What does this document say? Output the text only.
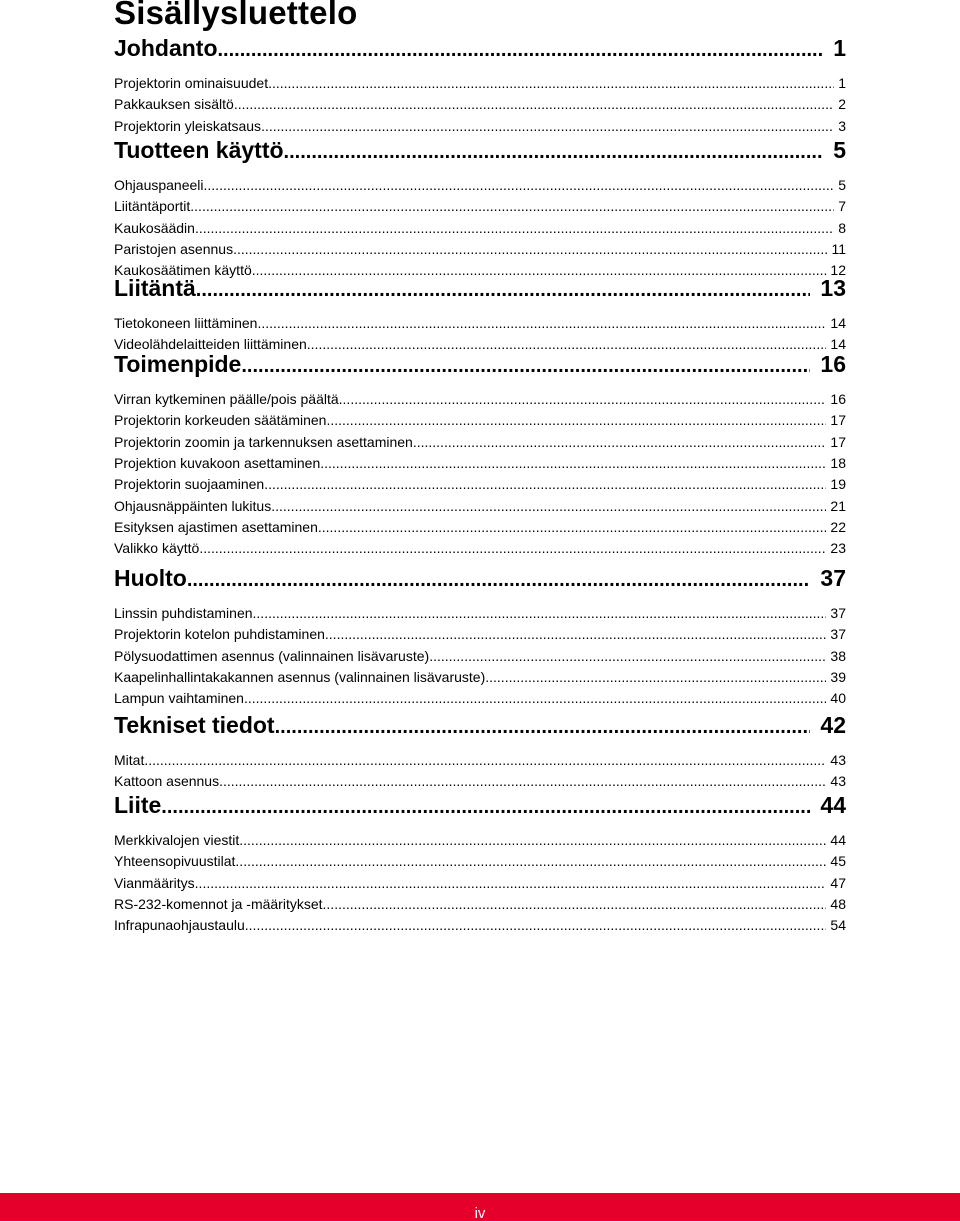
Sisällysluettelo
Johdanto .....	1
Projektorin ominaisuudet .....	1
Pakkauksen sisältö .....	2
Projektorin yleiskatsaus .....	3
Tuotteen käyttö .....	5
Ohjauspaneeli .....	5
Liitäntäportit .....	7
Kaukosäädin .....	8
Paristojen asennus .....	11
Kaukosäätimen käyttö .....	12
Liitäntä .....	13
Tietokoneen liittäminen .....	14
Videolähdelaitteiden liittäminen .....	14
Toimenpide .....	16
Virran kytkeminen päälle/pois päältä .....	16
Projektorin korkeuden säätäminen .....	17
Projektorin zoomin ja tarkennuksen asettaminen .....	17
Projektion kuvakoon asettaminen .....	18
Projektorin suojaaminen .....	19
Ohjausnäppäinten lukitus .....	21
Esityksen ajastimen asettaminen .....	22
Valikko käyttö .....	23
Huolto .....	37
Linssin puhdistaminen .....	37
Projektorin kotelon puhdistaminen .....	37
Pölysuodattimen asennus (valinnainen lisävaruste) .....	38
Kaapelinhallintakakannen asennus (valinnainen lisävaruste) .....	39
Lampun vaihtaminen .....	40
Tekniset tiedot .....	42
Mitat .....	43
Kattoon asennus .....	43
Liite .....	44
Merkkivalojen viestit .....	44
Yhteensopivuustilat .....	45
Vianmääritys .....	47
RS-232-komennot ja -määritykset .....	48
Infrapunaohjaustaulu .....	54
iv
